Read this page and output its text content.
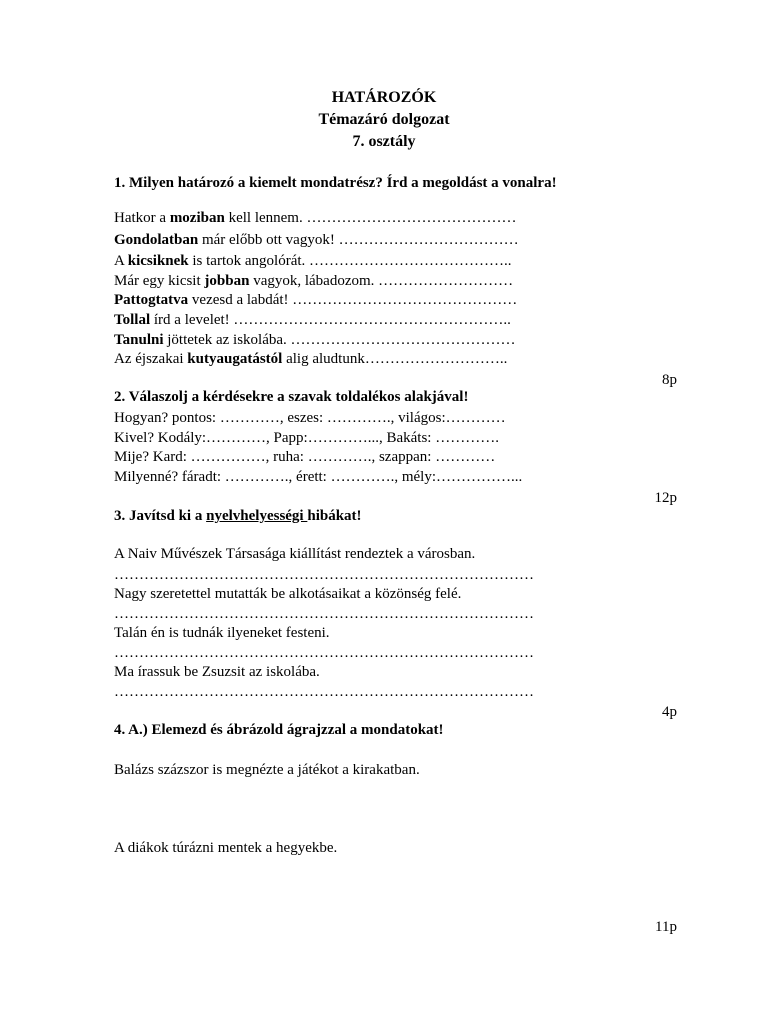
HATÁROZÓK
Témazáró dolgozat
7. osztály
1. Milyen határozó a kiemelt mondatrész? Írd a megoldást a vonalra!
Hatkor a moziban kell lennem. ……………………………………
Gondolatban már előbb ott vagyok! ………………………………
A kicsiknek is tartok angolórát. …………………………………..
Már egy kicsit jobban vagyok, lábadozom. ………………………
Pattogtatva vezesd a labdát! ………………………………………
Tollal írd a levelet! ………………………………………………..
Tanulni jöttetek az iskolába. ………………………………………
Az éjszakai kutyaugatástól alig aludtunk………………………..
8p
2. Válaszolj a kérdésekre a szavak toldalékos alakjával!
Hogyan? pontos: …………, eszes: …………., világos:…………
Kivel? Kodály:…………, Papp:…………..., Bakáts: ………….
Mije? Kard: ……………, ruha: …………., szappan: …………
Milyenné? fáradt: …………., érett: …………., mély:……………...
12p
3. Javítsd ki a nyelvhelyességi hibákat!
A Naiv Művészek Társasága kiállítást rendeztek a városban.
…………………………………………………………………………
Nagy szeretettel mutatták be alkotásaikat a közönség felé.
…………………………………………………………………………
Talán én is tudnák ilyeneket festeni.
…………………………………………………………………………
Ma írassuk be Zsuzsit az iskolába.
…………………………………………………………………………
4p
4. A.) Elemezd és ábrázold ágrajzzal a mondatokat!
Balázs százszor is megnézte a játékot a kirakatban.
A diákok túrázni mentek a hegyekbe.
11p
